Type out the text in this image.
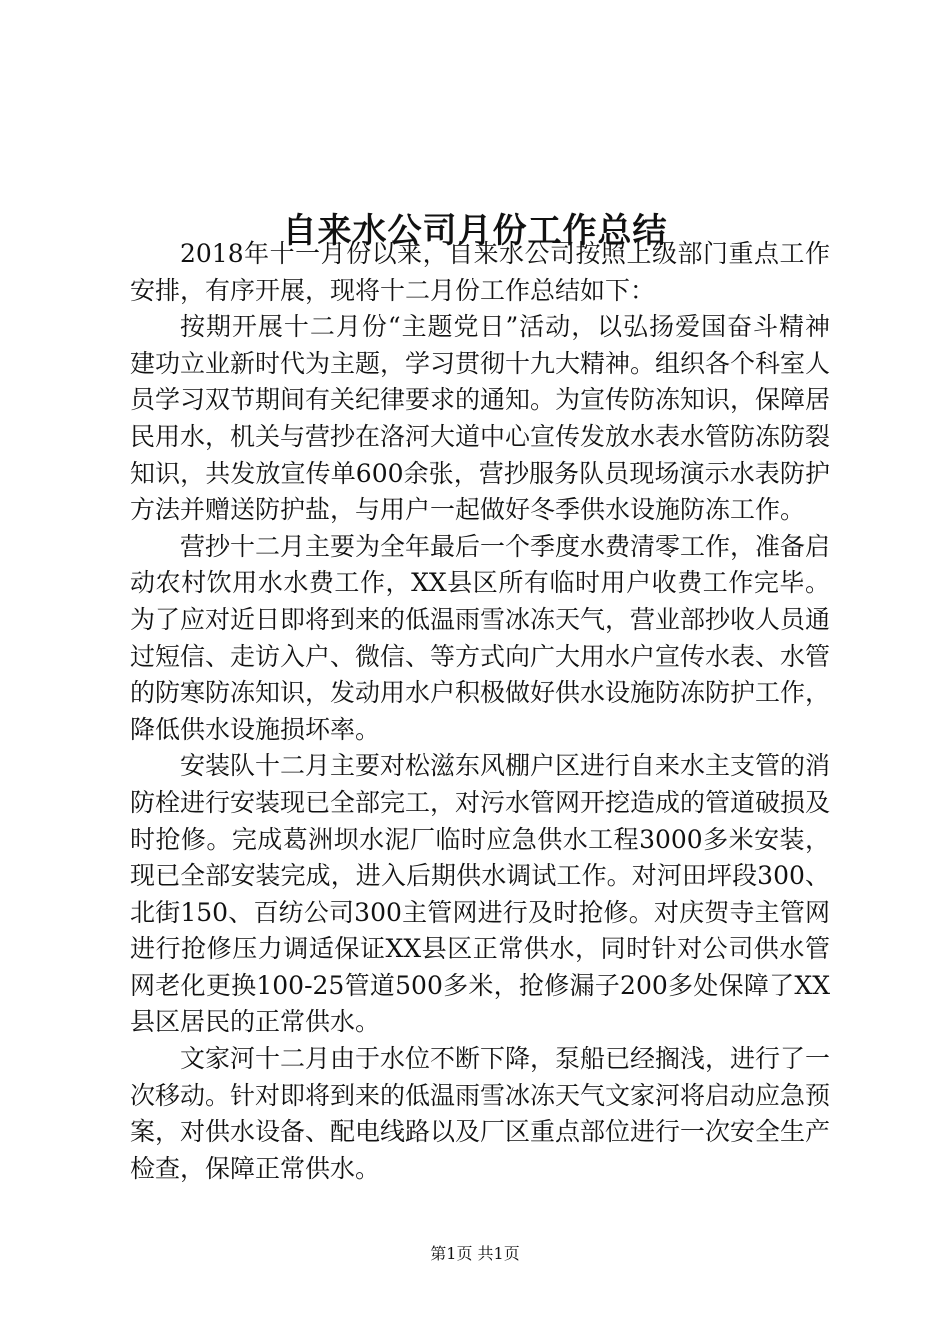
自来水公司月份工作总结

2018年十一月份以来，自来水公司按照上级部门重点工作安排，有序开展，现将十二月份工作总结如下：

按期开展十二月份“主题党日”活动，以弘扬爱国奋斗精神建功立业新时代为主题，学习贯彻十九大精神。组织各个科室人员学习双节期间有关纪律要求的通知。为宣传防冻知识，保障居民用水，机关与营抄在洛河大道中心宣传发放水表水管防冻防裂知识，共发放宣传单600余张，营抄服务队员现场演示水表防护方法并赠送防护盐，与用户一起做好冬季供水设施防冻工作。

营抄十二月主要为全年最后一个季度水费清零工作，准备启动农村饮用水水费工作，XX县区所有临时用户收费工作完毕。为了应对近日即将到来的低温雨雪冰冻天气，营业部抄收人员通过短信、走访入户、微信、等方式向广大用水户宣传水表、水管的防寒防冻知识，发动用水户积极做好供水设施防冻防护工作，降低供水设施损坏率。

安装队十二月主要对松滋东风棚户区进行自来水主支管的消防栓进行安装现已全部完工，对污水管网开挖造成的管道破损及时抢修。完成葛洲坝水泥厂临时应急供水工程3000多米安装，现已全部安装完成，进入后期供水调试工作。对河田坪段300、北街150、百纺公司300主管网进行及时抢修。对庆贺寺主管网进行抢修压力调适保证XX县区正常供水，同时针对公司供水管网老化更换100-25管道500多米，抢修漏子200多处保障了XX县区居民的正常供水。

文家河十二月由于水位不断下降，泵船已经搁浅，进行了一次移动。针对即将到来的低温雨雪冰冻天气文家河将启动应急预案，对供水设备、配电线路以及厂区重点部位进行一次安全生产检查，保障正常供水。

第1页 共1页
